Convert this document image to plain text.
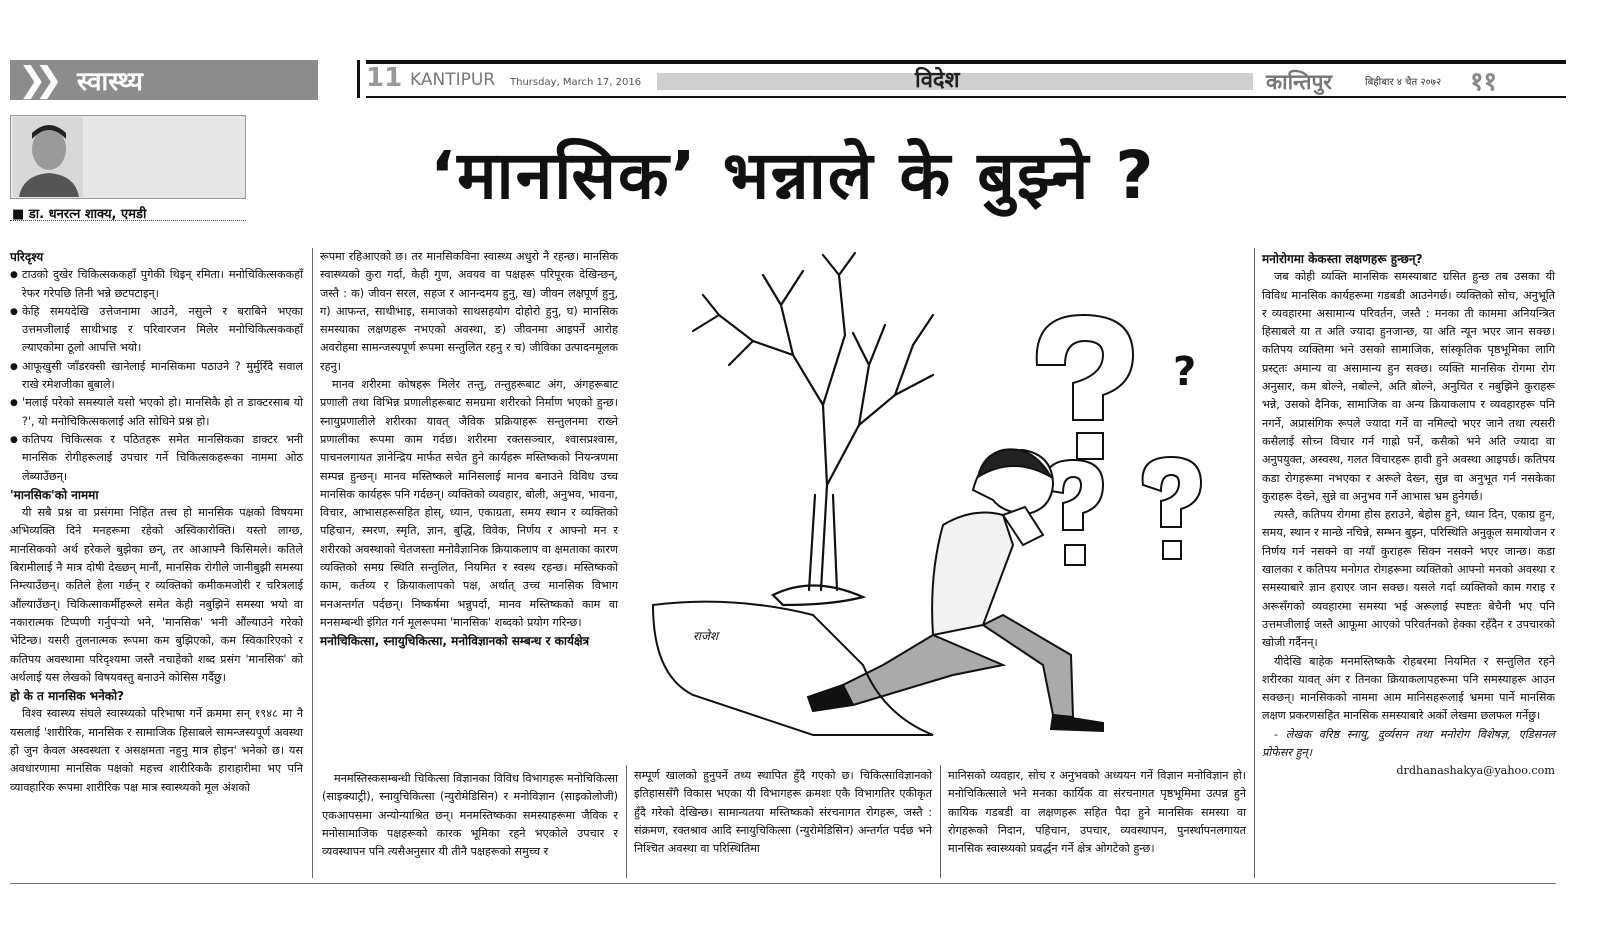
❯❯ स्वास्थ्य	11 KANTIPUR Thursday, March 17, 2016	विदेश	कान्तिपुर	बिहीबार ४ चैत २०७२ ११
■ डा. धनरत्न शाक्य, एमडी
‘मानसिक’ भन्नाले के बुझ्ने ?

परिदृश्य

● टाउको दुखेर चिकित्सककहाँ पुगेकी थिइन् रमिता। मनोचिकित्सककहाँ रेफर गरेपछि तिनी भन्ने छटपटाइन्।
● केहि समयदेखि उत्तेजनामा आउने, नसुत्ने र बराबिने भएका उत्तमजीलाई साथीभाइ र परिवारजन मिलेर मनोचिकित्सककहाँ ल्याएकोमा ठूलो आपत्ति भयो।
● आफूखुसी जाँडरक्सी खानेलाई मानसिकमा पठाउने ? मुर्मुरिँदै सवाल राखे रमेशजीका बुबाले।
● 'मलाई परेको समस्याले यसो भएको हो। मानसिकै हो त डाक्टरसाब यो ?', यो मनोचिकित्सकलाई अति सोधिने प्रश्न हो।
● कतिपय चिकित्सक र पठितहरू समेत मानसिकका डाक्टर भनी मानसिक रोगीहरूलाई उपचार गर्ने चिकित्सकहरूका नाममा ओठ लेब्याउँछन्।

'मानसिक'को नाममा

यी सबै प्रश्न वा प्रसंगमा निहित तत्त्व हो मानसिक पक्षको विषयमा अभिव्यक्ति दिने मनहरूमा रहेको अस्विकारोक्ति। यस्तो लाग्छ, मानसिकको अर्थ हरेकले बुझेका छन्, तर आआफ्नै किसिमले। कतिले बिरामीलाई नै मात्र दोषी देख्छन् मानौं, मानसिक रोगीले जानीबुझी समस्या निम्त्याउँछन्। कतिले हेला गर्छन् र व्यक्तिको कमीकमजोरी र चरित्रलाई औंल्याउँछन्। चिकित्साकर्मीहरूले समेत केही नबुझिने समस्या भयो वा नकारात्मक टिप्पणी गर्नुपर्‍यो भने, 'मानसिक' भनी औंल्याउने गरेको भेटिन्छ। यसरी तुलनात्मक रूपमा कम बुझिएको, कम स्विकारिएको र कतिपय अवस्थामा परिदृश्यमा जस्तै नचाहेको शब्द प्रसंग 'मानसिक' को अर्थलाई यस लेखको विषयवस्तु बनाउने कोसिस गर्दैछु।

हो के त मानसिक भनेको?

विश्व स्वास्थ्य संघले स्वास्थ्यको परिभाषा गर्ने क्रममा सन् १९४८ मा नै यसलाई 'शारीरिक, मानसिक र सामाजिक हिसाबले सामन्जस्यपूर्ण अवस्था हो जुन केवल अस्वस्थता र असक्षमता नहुनु मात्र होइन' भनेको छ। यस अवधारणामा मानसिक पक्षको महत्त्व शारीरिककै हाराहारीमा भए पनि व्यावहारिक रूपमा शारीरिक पक्ष मात्र स्वास्थ्यको मूल अंशको

रूपमा रहिआएको छ। तर मानसिकविना स्वास्थ्य अधुरो नै रहन्छ। मानसिक स्वास्थ्यको कुरा गर्दा, केही गुण, अवयव वा पक्षहरू परिपूरक देखिन्छन्, जस्तै : क) जीवन सरल, सहज र आनन्दमय हुनु, ख) जीवन लक्षपूर्ण हुनु, ग) आफन्त, साथीभाइ, समाजको साथसहयोग दोहोरो हुनु, घ) मानसिक समस्याका लक्षणहरू नभएको अवस्था, ङ) जीवनमा आइपर्ने आरोह अवरोहमा सामन्जस्यपूर्ण रूपमा सन्तुलित रहनु र च) जीविका उत्पादनमूलक रहनु।

मानव शरीरमा कोषहरू मिलेर तन्तु, तन्तुहरूबाट अंग, अंगहरूबाट प्रणाली तथा विभिन्न प्रणालीहरूबाट समग्रमा शरीरको निर्माण भएको हुन्छ। स्नायुप्रणालीले शरीरका यावत् जैविक प्रक्रियाहरू सन्तुलनमा राख्ने प्रणालीका रूपमा काम गर्दछ। शरीरमा रक्तसञ्चार, श्वासप्रश्वास, पाचनलगायत ज्ञानेन्द्रिय मार्फत सचेत हुने कार्यहरू मस्तिष्कको नियन्त्रणमा सम्पन्न हुन्छन्। मानव मस्तिष्कले मानिसलाई मानव बनाउने विविध उच्च मानसिक कार्यहरू पनि गर्दछन्। व्यक्तिको व्यवहार, बोली, अनुभव, भावना, विचार, आभासहरूसहित होस्, ध्यान, एकाग्रता, समय स्थान र व्यक्तिको पहिचान, स्मरण, स्मृति, ज्ञान, बुद्धि, विवेक, निर्णय र आफ्नो मन र शरीरको अवस्थाको चेतजस्ता मनोवैज्ञानिक क्रियाकलाप वा क्षमताका कारण व्यक्तिको समग्र स्थिति सन्तुलित, नियमित र स्वस्थ रहन्छ। मस्तिष्कको काम, कर्तव्य र क्रियाकलापको पक्ष, अर्थात् उच्च मानसिक विभाग मनअन्तर्गत पर्दछन्। निष्कर्षमा भन्नुपर्दा, मानव मस्तिष्कको काम वा मनसम्बन्धी इंगित गर्न मूलरूपमा 'मानसिक' शब्दको प्रयोग गरिन्छ।

मनोचिकित्सा, स्नायुचिकित्सा, मनोविज्ञानको सम्बन्ध र कार्यक्षेत्र

?
राजेश

मनमस्तिस्कसम्बन्धी चिकित्सा विज्ञानका विविध विभागहरू मनोचिकित्सा (साइक्याट्री), स्नायुचिकित्सा (न्युरोमेडिसिन) र मनोविज्ञान (साइकोलोजी) एकआपसमा अन्योन्याश्रित छन्। मनमस्तिष्कका समस्याहरूमा जैविक र मनोसामाजिक पक्षहरूको कारक भूमिका रहने भएकोले उपचार र व्यवस्थापन पनि त्यसैअनुसार यी तीनै पक्षहरूको समुच्च र

सम्पूर्ण खालको हुनुपर्ने तथ्य स्थापित हुँदै गएको छ। चिकित्साविज्ञानको इतिहाससँगै विकास भएका यी विभागहरू क्रमशः एकै विभागतिर एकीकृत हुँदै गरेको देखिन्छ। सामान्यतया मस्तिष्कको संरचनागत रोगहरू, जस्तै : संक्रमण, रक्तश्राव आदि स्नायुचिकित्सा (न्युरोमेडिसिन) अन्तर्गत पर्दछ भने निश्चित अवस्था वा परिस्थितिमा

मानिसको व्यवहार, सोच र अनुभवको अध्ययन गर्ने विज्ञान मनोविज्ञान हो। मनोचिकित्साले भने मनका कार्यिक वा संरचनागत पृष्ठभूमिमा उत्पन्न हुने कायिक गडबडी वा लक्षणहरू सहित पैदा हुने मानसिक समस्या वा रोगहरूको निदान, पहिचान, उपचार, व्यवस्थापन, पुनर्स्थापनलगायत मानसिक स्वास्थ्यको प्रवर्द्धन गर्ने क्षेत्र ओगटेको हुन्छ।

मनोरोगमा केकस्ता लक्षणहरू हुन्छन्?

जब कोही व्यक्ति मानसिक समस्याबाट ग्रसित हुन्छ तब उसका यी विविध मानसिक कार्यहरूमा गडबडी आउनेगर्छ। व्यक्तिको सोच, अनुभूति र व्यवहारमा असामान्य परिवर्तन, जस्तै : मनका ती काममा अनियन्त्रित हिसाबले या त अति ज्यादा हुनजान्छ, या अति न्यून भएर जान सक्छ। कतिपय व्यक्तिमा भने उसको सामाजिक, सांस्कृतिक पृष्ठभूमिका लागि प्रस्ट्तः अमान्य वा असामान्य हुन सक्छ। व्यक्ति मानसिक रोगमा रोग अनुसार, कम बोल्ने, नबोल्ने, अति बोल्ने, अनुचित र नबुझिने कुराहरू भन्ने, उसको दैनिक, सामाजिक वा अन्य क्रियाकलाप र व्यवहारहरू पनि नगर्ने, अप्रासंगिक रूपले ज्यादा गर्ने वा नमिल्दो भएर जाने तथा त्यसरी कसैलाई सोच्न विचार गर्न गाह्रो पर्ने, कसैको भने अति ज्यादा वा अनुपयुक्त, अस्वस्थ, गलत विचारहरू हावी हुने अवस्था आइपर्छ। कतिपय कडा रोगहरूमा नभएका र अरूले देख्न, सुन्न वा अनुभूत गर्न नसकेका कुराहरू देख्ने, सुन्ने वा अनुभव गर्ने आभास भ्रम हुनेगर्छ।

त्यस्तै, कतिपय रोगमा होस हराउने, बेहोस हुने, ध्यान दिन, एकाग्र हुन, समय, स्थान र मान्छे नचिन्ने, सम्भन बुझ्न, परिस्थिति अनुकूल समायोजन र निर्णय गर्न नसक्ने वा नयाँ कुराहरू सिक्न नसक्ने भएर जान्छ। कडा खालका र कतिपय मनोगत रोगहरूमा व्यक्तिको आफ्नो मनको अवस्था र समस्याबारे ज्ञान हराएर जान सक्छ। यसले गर्दा व्यक्तिको काम गराइ र अरूसँगको व्यवहारमा समस्या भई अरूलाई स्पष्टतः बेचैनी भए पनि उत्तमजीलाई जस्तै आफूमा आएको परिवर्तनको हेक्का रहँदैन र उपचारको खोजी गर्दैनन्।

यीदेखि बाहेक मनमस्तिष्ककै रोहबरमा नियमित र सन्तुलित रहने शरीरका यावत् अंग र तिनका क्रियाकलापहरूमा पनि समस्याहरू आउन सक्छन्। मानसिकको नाममा आम मानिसहरूलाई भ्रममा पार्ने मानसिक लक्षण प्रकरणसहित मानसिक समस्याबारे अर्को लेखमा छलफल गर्नेछु।

- लेखक वरिष्ठ स्नायु, दुर्व्यसन तथा मनोरोग विशेषज्ञ, एडिसनल प्रोफेसर हुन्।

drdhanashakya@yahoo.com
